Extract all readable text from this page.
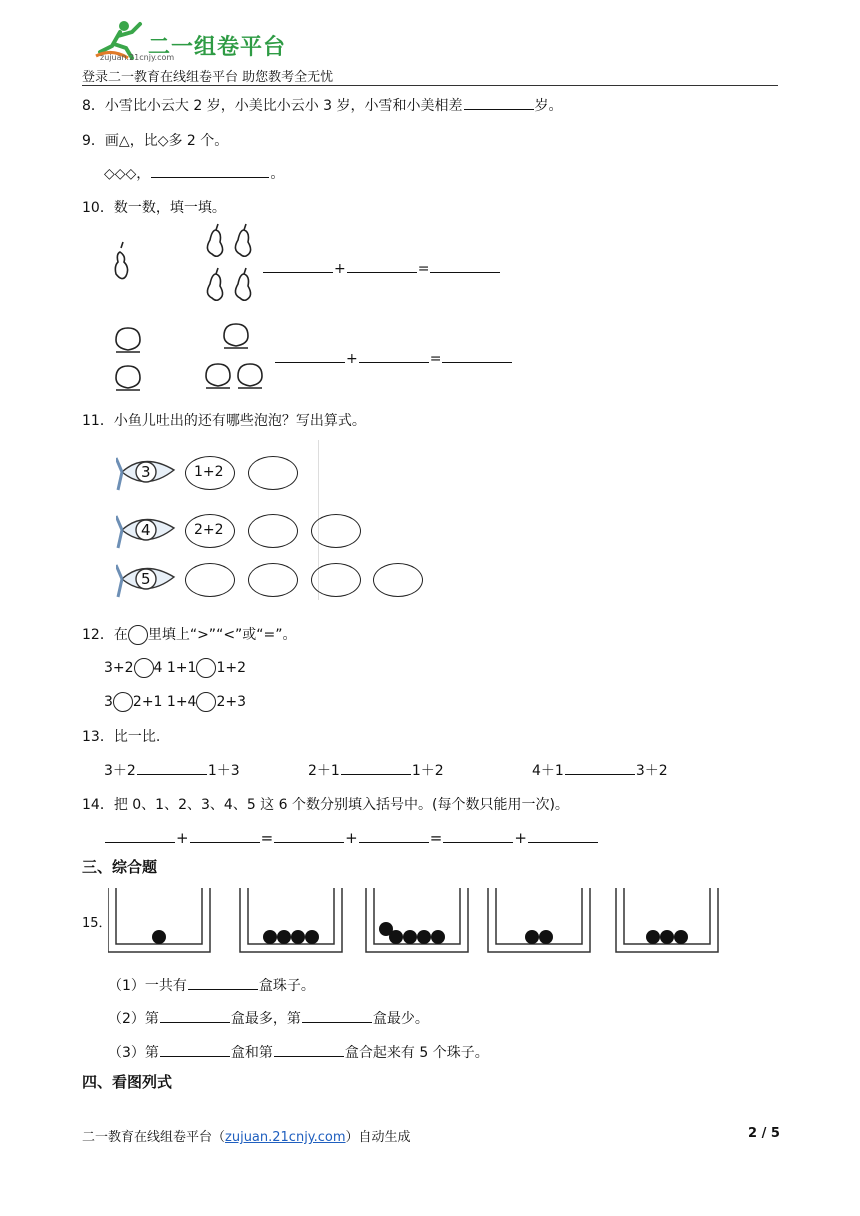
二一组卷平台
zujuan.21cnjy.com
登录二一教育在线组卷平台 助您教考全无忧
8．小雪比小云大 2 岁，小美比小云小 3 岁，小雪和小美相差	岁。
9．画△，比◇多 2 个。
◇◇◇，	。
10．数一数，填一填。
+	=
+	=
11．小鱼儿吐出的还有哪些泡泡？写出算式。
3
4
5
1+2
2+2
12．在 里填上“>”“<”或“=”。
3+2 4 1+1 1+2
3 2+1 1+4 2+3
13．比一比.
3＋2	1＋3	2＋1	1＋2	4＋1	3＋2
14．把 0、1、2、3、4、5 这 6 个数分别填入括号中。(每个数只能用一次)。
+	=	+	=	+
三、综合题
15．
（1）一共有	盒珠子。
（2）第	盒最多，第	盒最少。
（3）第	盒和第	盒合起来有 5 个珠子。
四、看图列式
二一教育在线组卷平台（zujuan.21cnjy.com）自动生成	2 / 5
